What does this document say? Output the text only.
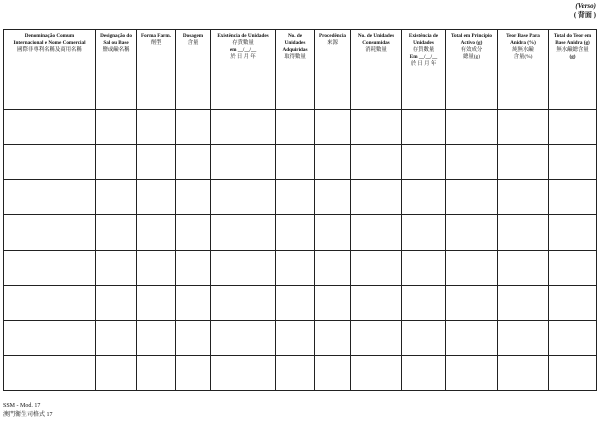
(Verso)
( 背面 )
Denominação Comum
Internacional e Nome Comercial
國際非專利名稱及商用名稱	Designação do
Sal ou Base
鹽或鹼名稱	Forma Farm.
劑型	Dosagem
含量	Existência de Unidades
存貨數量
em __/__/__
於 日 月 年	No. de
Unidades
Adquiridas
取得數量	Procedência
來源	No. de Unidades
Consumidas
消耗數量	Existência de
Unidades
存貨數量
Em __/__/__
於 日 月 年	Total em Princípio
Activo (g)
有效成分
總量(g)	Teor Base Para
Anidra (%)
純無水鹼
含量(%)	Total do Teor em
Base Anidra (g)
無水鹼總含量
(g)

SSM - Mod. 17
澳門衛生司格式 17
